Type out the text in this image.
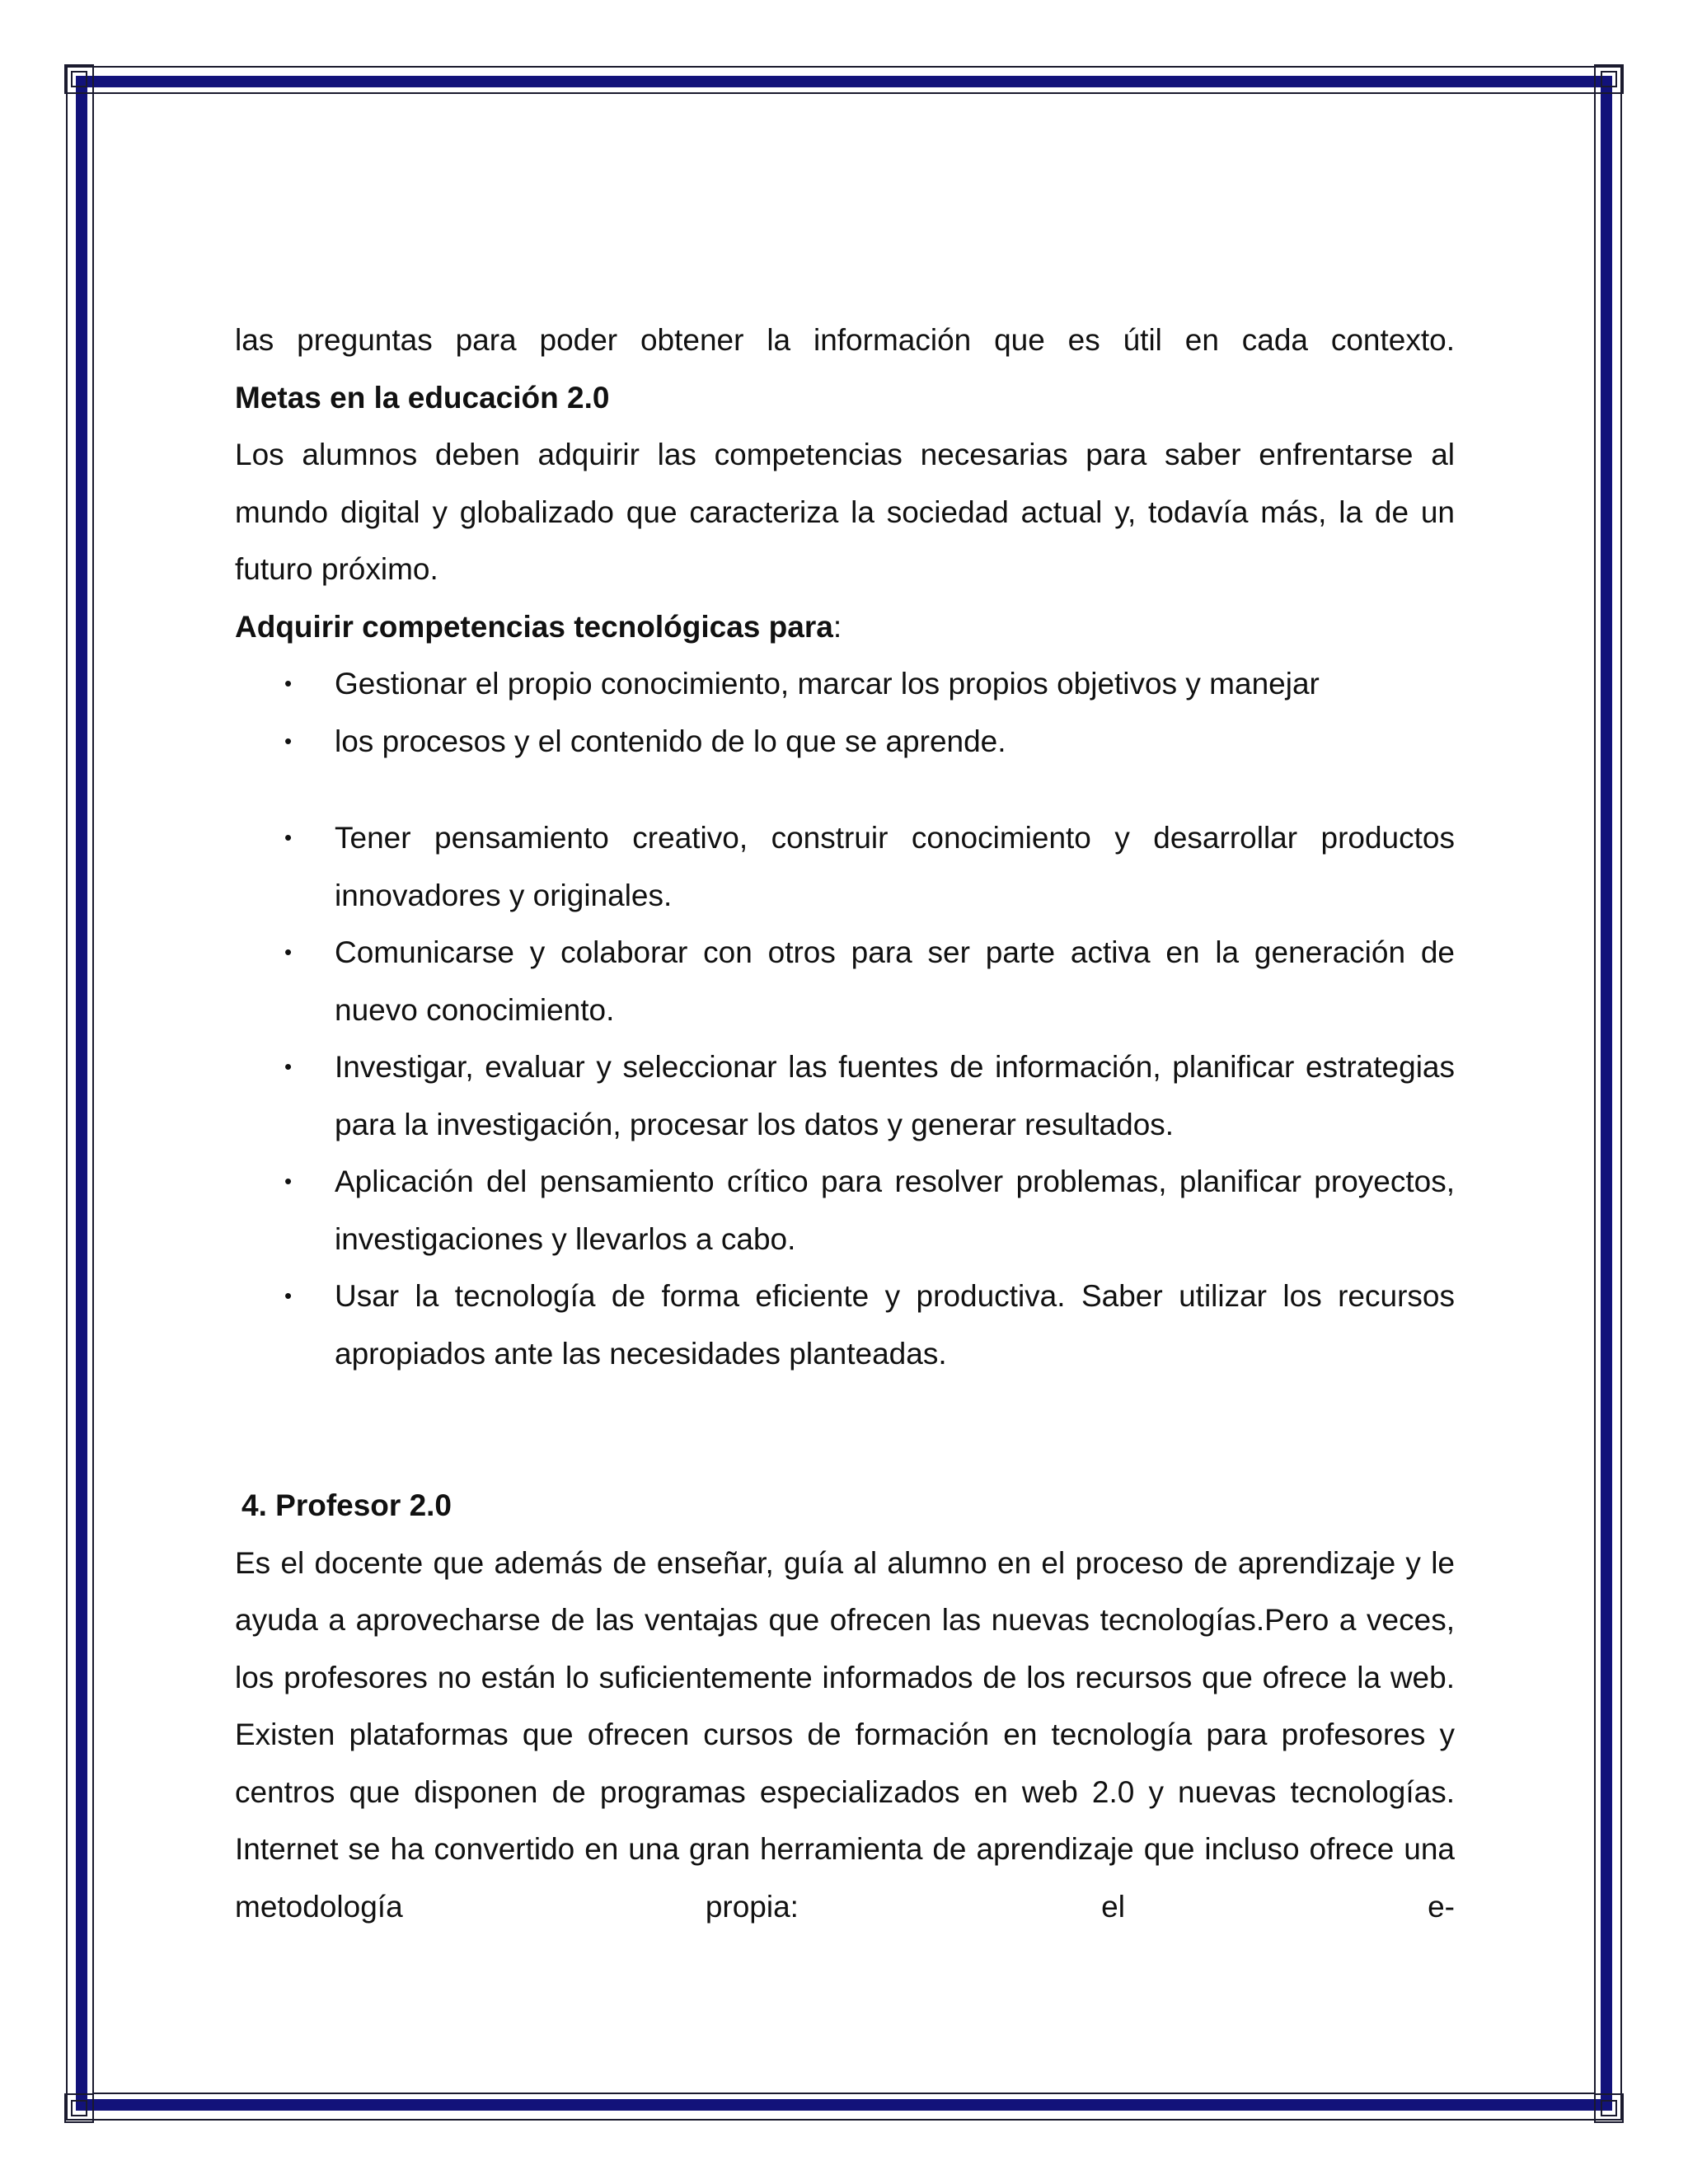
las preguntas para poder obtener la información que es útil en cada contexto.

Metas en la educación 2.0

Los alumnos deben adquirir las competencias necesarias para saber enfrentarse al mundo digital y globalizado que caracteriza la sociedad actual y, todavía más, la de un futuro próximo.

Adquirir competencias tecnológicas para:

•	Gestionar el propio conocimiento, marcar los propios objetivos y manejar
•	los procesos y el contenido de lo que se aprende.
•	Tener pensamiento creativo, construir conocimiento y desarrollar productos innovadores y originales.
•	Comunicarse y colaborar con otros para ser parte activa en la generación de nuevo conocimiento.
•	Investigar, evaluar y seleccionar las fuentes de información, planificar estrategias para la investigación, procesar los datos y generar resultados.
•	Aplicación del pensamiento crítico para resolver problemas, planificar proyectos, investigaciones y llevarlos a cabo.
•	Usar la tecnología de forma eficiente y productiva. Saber utilizar los recursos apropiados ante las necesidades planteadas.

4. Profesor 2.0

Es el docente que además de enseñar, guía al alumno en el proceso de aprendizaje y le ayuda a aprovecharse de las ventajas que ofrecen las nuevas tecnologías.Pero a veces, los profesores no están lo suficientemente informados de los recursos que ofrece la web. Existen plataformas que ofrecen cursos de formación en tecnología para profesores y centros que disponen de programas especializados en web 2.0 y nuevas tecnologías. Internet se ha convertido en una gran herramienta de aprendizaje que incluso ofrece una metodología propia: el e-
